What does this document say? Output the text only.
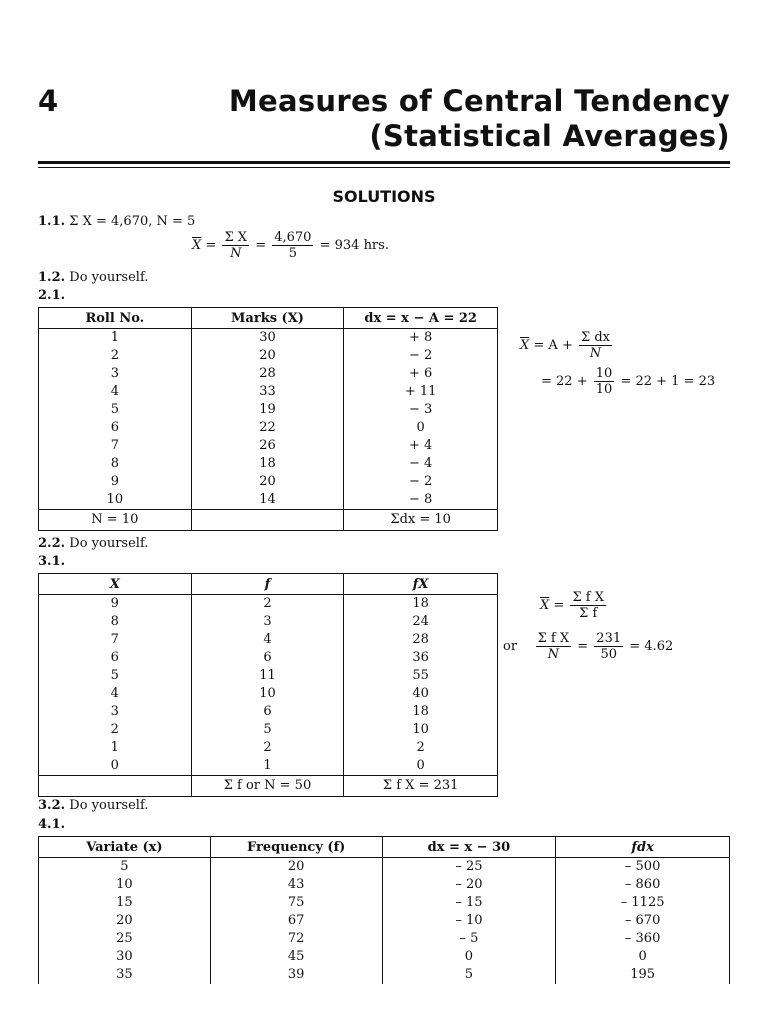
4	Measures of Central Tendency
(Statistical Averages)
SOLUTIONS
1.1. Σ X = 4,670, N = 5
$\overline{X} = \frac{\text{Σ X}}{N} = \frac{4,670}{5} = 934$ hrs.
1.2. Do yourself.
2.1.
Roll No.	Marks (X)	dx = x − A = 22
1	30	+ 8
2	20	− 2
3	28	+ 6
4	33	+ 11
5	19	− 3
6	22	0
7	26	+ 4
8	18	− 4
9	20	− 2
10	14	− 8
N = 10		Σdx = 10
$\overline{X} = A + \frac{\text{Σ dx}}{N}$
= $22 + \frac{10}{10} = 22 + 1 = 23$
2.2. Do yourself.
3.1.
X	f	fX
9	2	18
8	3	24
7	4	28
6	6	36
5	11	55
4	10	40
3	6	18
2	5	10
1	2	2
0	1	0
	Σ f or N = 50	Σ f X = 231
$\overline{X} = \frac{\text{Σ f X}}{\text{Σ f}}$
or $\frac{\text{Σ f X}}{N} = \frac{231}{50} = 4.62$
3.2. Do yourself.
4.1.
Variate (x)	Frequency (f)	dx = x − 30	fdx
5	20	– 25	– 500
10	43	– 20	– 860
15	75	– 15	– 1125
20	67	– 10	– 670
25	72	– 5	– 360
30	45	0	0
35	39	5	195
